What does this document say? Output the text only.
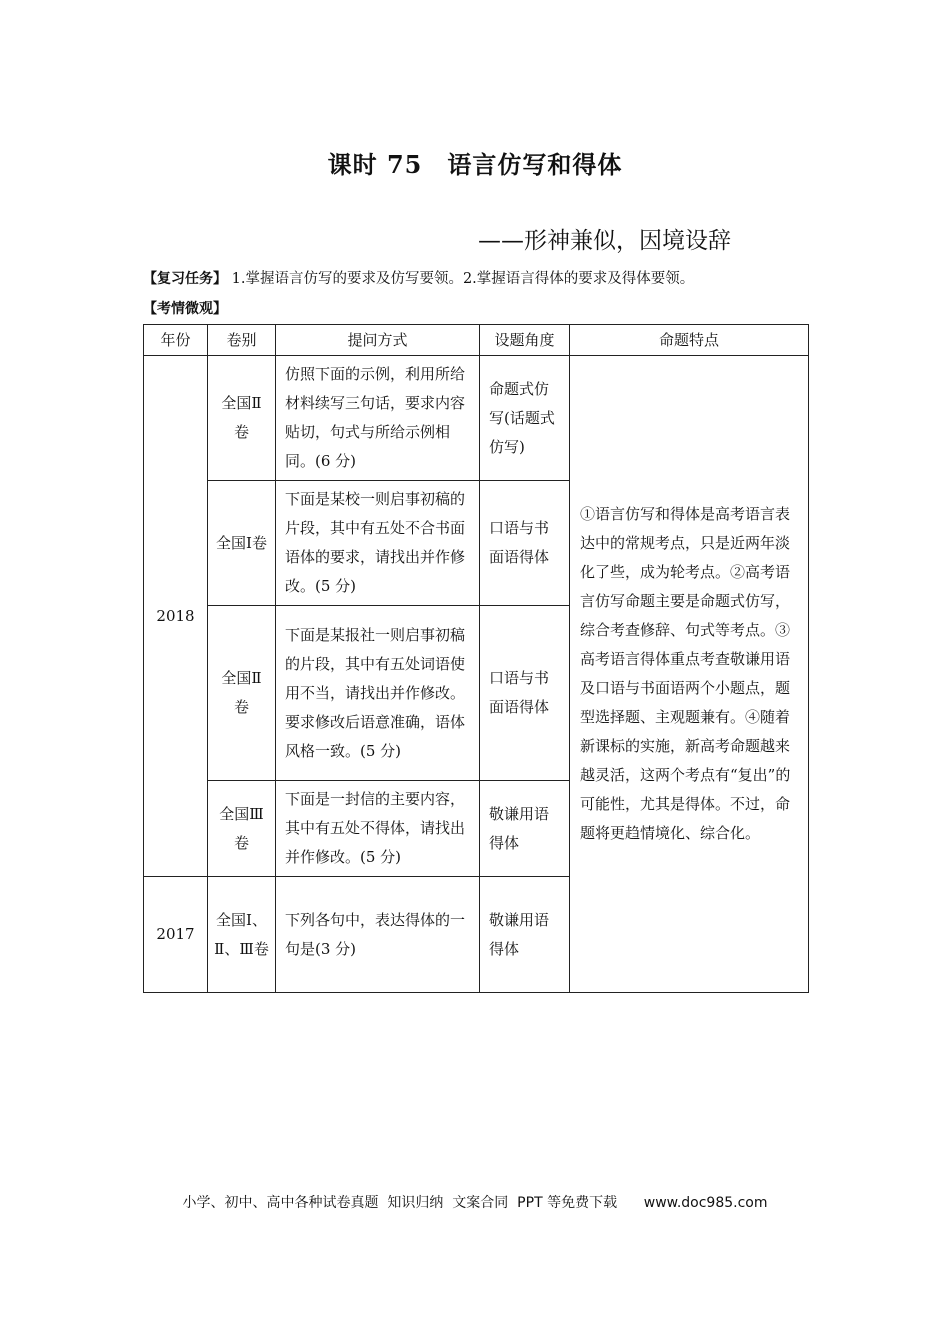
课时 75　语言仿写和得体
——形神兼似，因境设辞
【复习任务】 1.掌握语言仿写的要求及仿写要领。2.掌握语言得体的要求及得体要领。
【考情微观】
年份	卷别	提问方式	设题角度	命题特点
2018	全国Ⅱ卷	仿照下面的示例，利用所给材料续写三句话，要求内容贴切，句式与所给示例相同。(6 分)	命题式仿写(话题式仿写)	①语言仿写和得体是高考语言表达中的常规考点，只是近两年淡化了些，成为轮考点。②高考语言仿写命题主要是命题式仿写，综合考查修辞、句式等考点。③高考语言得体重点考查敬谦用语及口语与书面语两个小题点，题型选择题、主观题兼有。④随着新课标的实施，新高考命题越来越灵活，这两个考点有“复出”的可能性，尤其是得体。不过，命题将更趋情境化、综合化。
	全国Ⅰ卷	下面是某校一则启事初稿的片段，其中有五处不合书面语体的要求，请找出并作修改。(5 分)	口语与书面语得体	
	全国Ⅱ卷	下面是某报社一则启事初稿的片段，其中有五处词语使用不当，请找出并作修改。要求修改后语意准确，语体风格一致。(5 分)	口语与书面语得体	
	全国Ⅲ卷	下面是一封信的主要内容，其中有五处不得体，请找出并作修改。(5 分)	敬谦用语得体	
2017	全国Ⅰ、Ⅱ、Ⅲ卷	下列各句中，表达得体的一句是(3 分)	敬谦用语得体	
小学、初中、高中各种试卷真题  知识归纳  文案合同  PPT 等免费下载      www.doc985.com
